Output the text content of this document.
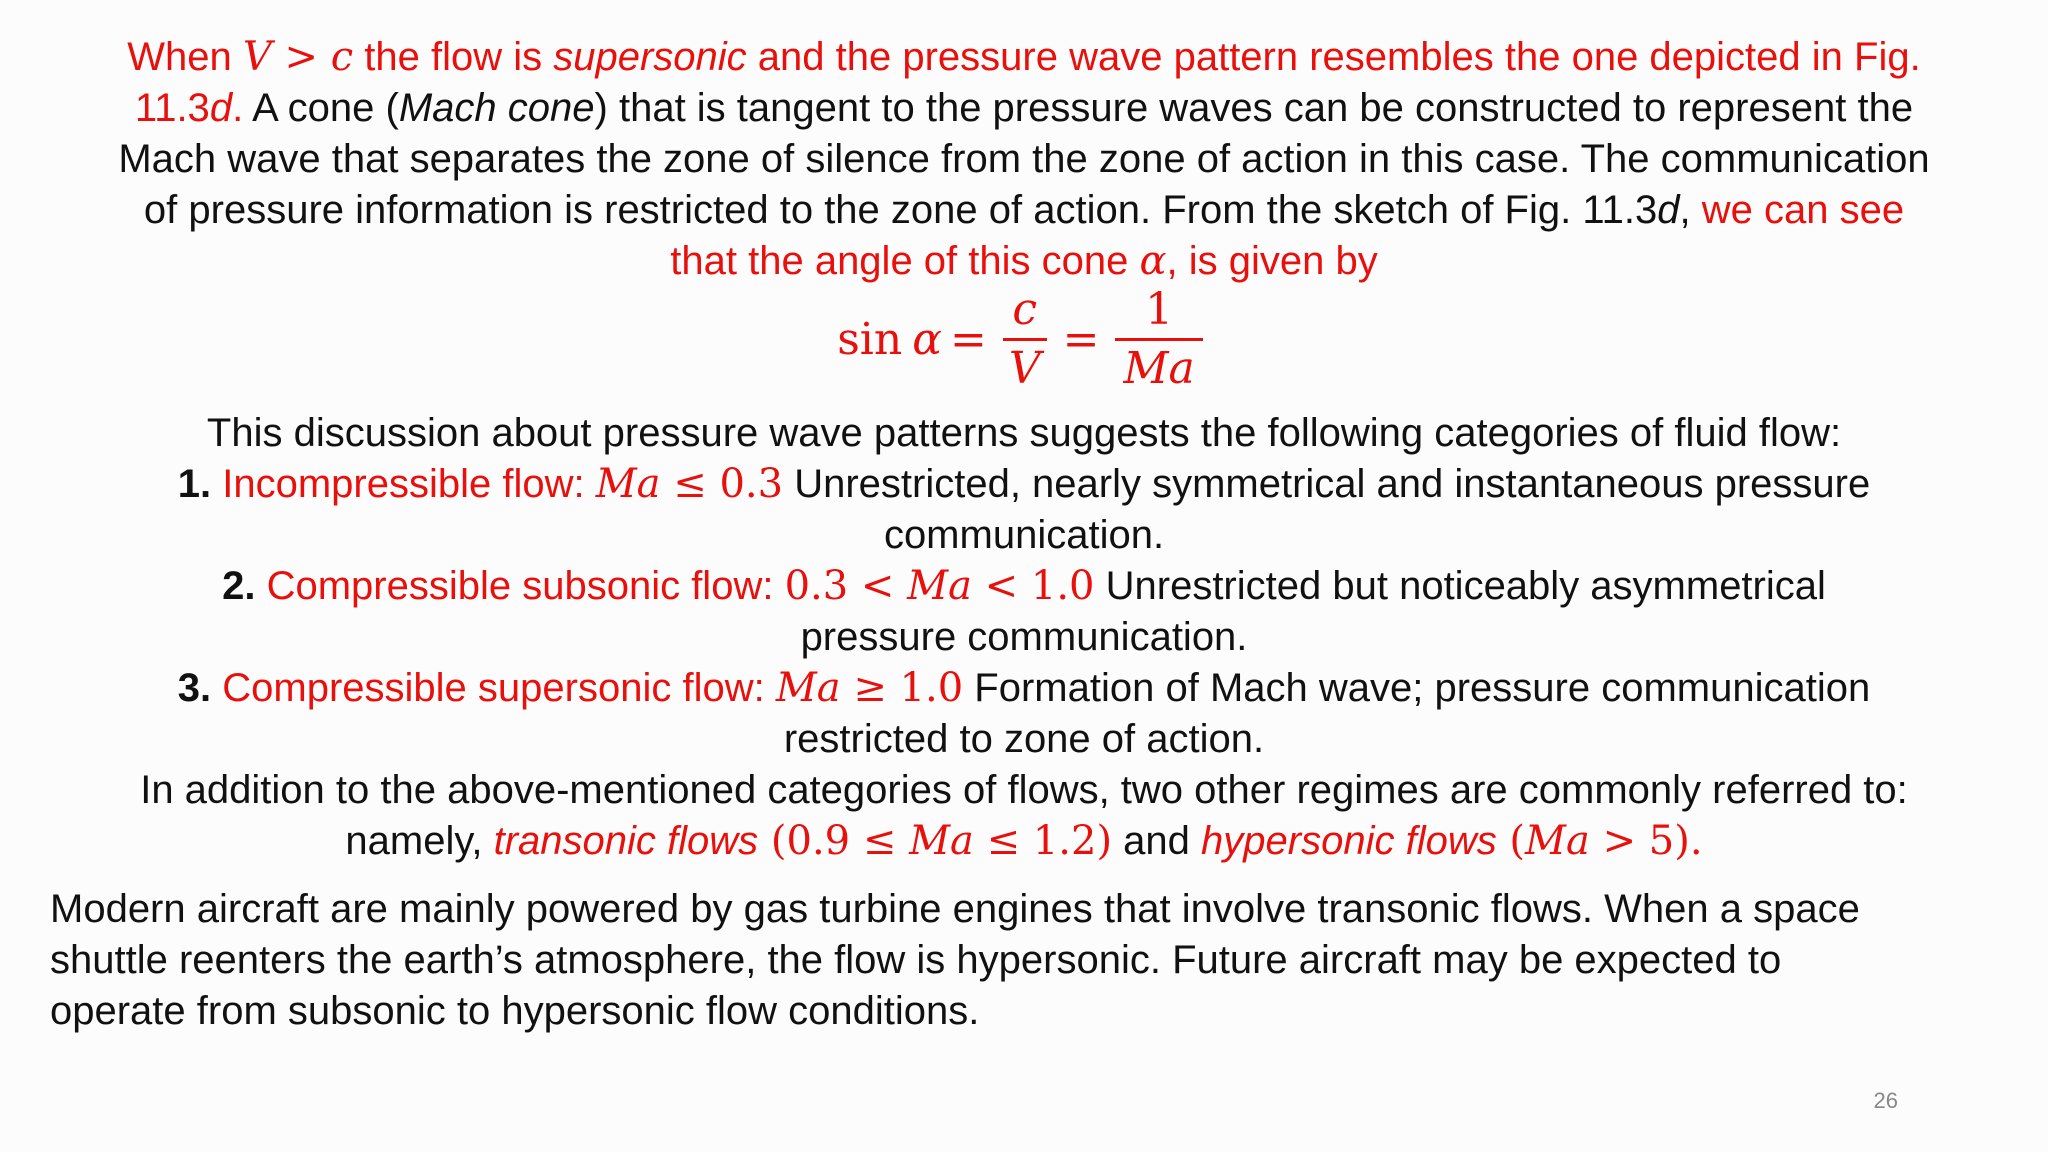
When V > c the flow is supersonic and the pressure wave pattern resembles the one depicted in Fig.
11.3d. A cone (Mach cone) that is tangent to the pressure waves can be constructed to represent the
Mach wave that separates the zone of silence from the zone of action in this case. The communication
of pressure information is restricted to the zone of action. From the sketch of Fig. 11.3d, we can see
that the angle of this cone α, is given by
$\sin \alpha = \frac{c}{V} = \frac{1}{Ma}$
This discussion about pressure wave patterns suggests the following categories of fluid flow:
1. Incompressible flow: Ma ≤ 0.3 Unrestricted, nearly symmetrical and instantaneous pressure
communication.
2. Compressible subsonic flow: 0.3 < Ma < 1.0 Unrestricted but noticeably asymmetrical
pressure communication.
3. Compressible supersonic flow: Ma ≥ 1.0 Formation of Mach wave; pressure communication
restricted to zone of action.
In addition to the above-mentioned categories of flows, two other regimes are commonly referred to:
namely, transonic flows (0.9 ≤ Ma ≤ 1.2) and hypersonic flows (Ma > 5).
Modern aircraft are mainly powered by gas turbine engines that involve transonic flows. When a space
shuttle reenters the earth’s atmosphere, the flow is hypersonic. Future aircraft may be expected to
operate from subsonic to hypersonic flow conditions.
26
